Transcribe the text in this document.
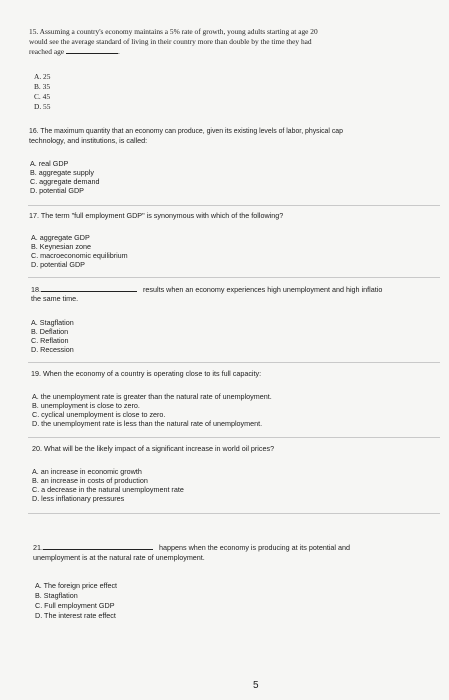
15. Assuming a country's economy maintains a 5% rate of growth, young adults starting at age 20
would see the average standard of living in their country more than double by the time they had
reached age	.
A. 25
B. 35
C. 45
D. 55
16. The maximum quantity that an economy can produce, given its existing levels of labor, physical cap
technology, and institutions, is called:
A. real GDP
B. aggregate supply
C. aggregate demand
D. potential GDP
17. The term "full employment GDP" is synonymous with which of the following?
A. aggregate GDP
B. Keynesian zone
C. macroeconomic equilibrium
D. potential GDP
18.	results when an economy experiences high unemployment and high inflatio
the same time.
A. Stagflation
B. Deflation
C. Reflation
D. Recession
19. When the economy of a country is operating close to its full capacity:
A. the unemployment rate is greater than the natural rate of unemployment.
B. unemployment is close to zero.
C. cyclical unemployment is close to zero.
D. the unemployment rate is less than the natural rate of unemployment.
20. What will be the likely impact of a significant increase in world oil prices?
A. an increase in economic growth
B. an increase in costs of production
C. a decrease in the natural unemployment rate
D. less inflationary pressures
21.	happens when the economy is producing at its potential and
unemployment is at the natural rate of unemployment.
A. The foreign price effect
B. Stagflation
C. Full employment GDP
D. The interest rate effect
5
